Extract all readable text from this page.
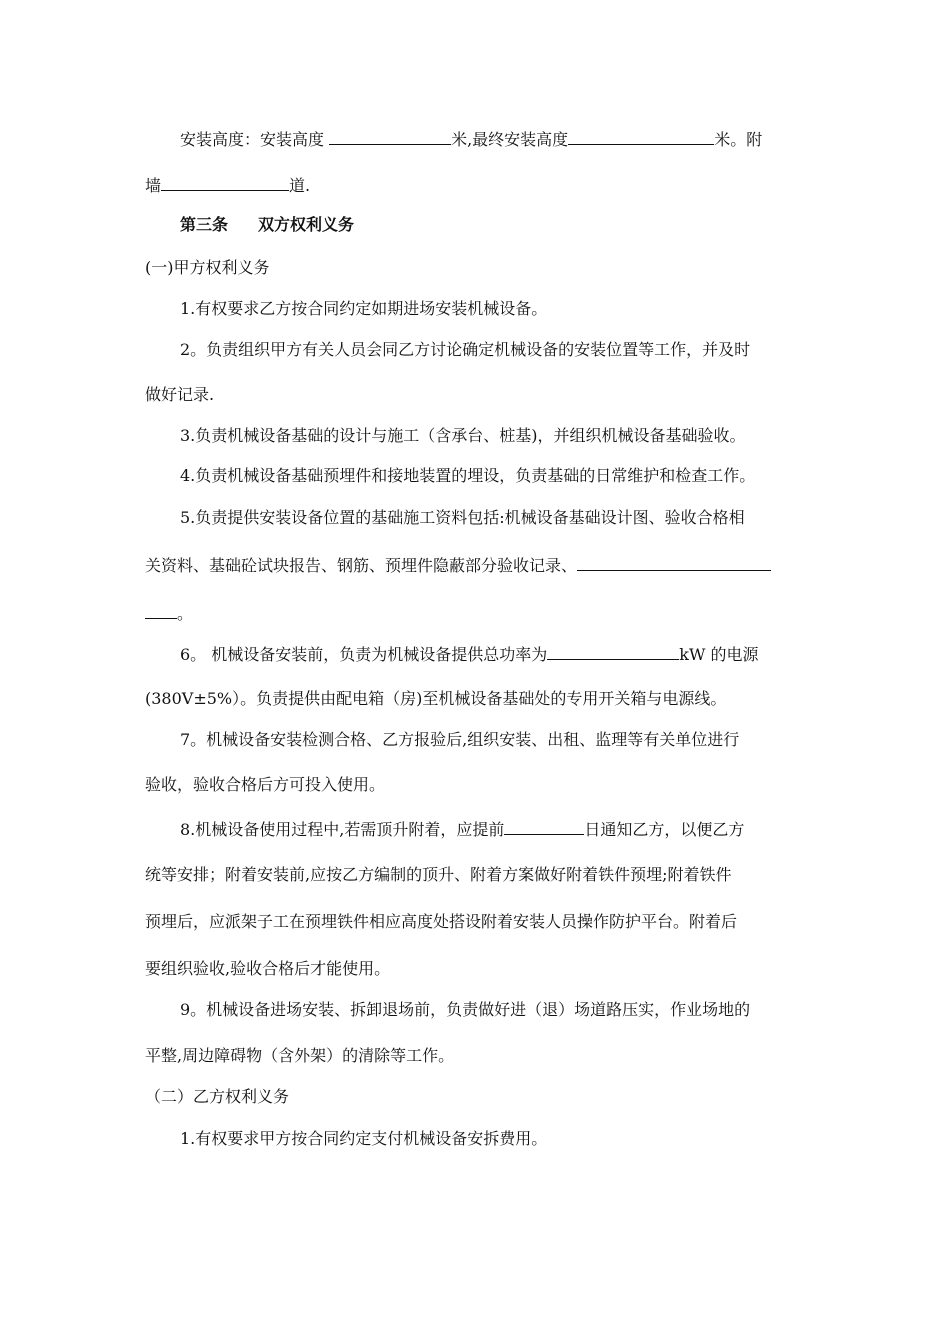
安装高度：安装高度	米,最终安装高度	米。附
墙	道.
第三条 双方权利义务
(一)甲方权利义务
1.有权要求乙方按合同约定如期进场安装机械设备。
2。负责组织甲方有关人员会同乙方讨论确定机械设备的安装位置等工作，并及时
做好记录.
3.负责机械设备基础的设计与施工（含承台、桩基)，并组织机械设备基础验收。
4.负责机械设备基础预埋件和接地装置的埋设，负责基础的日常维护和检查工作。
5.负责提供安装设备位置的基础施工资料包括:机械设备基础设计图、验收合格相
关资料、基础砼试块报告、钢筋、预埋件隐蔽部分验收记录、
。
6。 机械设备安装前，负责为机械设备提供总功率为	kW 的电源
(380V±5%）。负责提供由配电箱（房)至机械设备基础处的专用开关箱与电源线。
7。机械设备安装检测合格、乙方报验后,组织安装、出租、监理等有关单位进行
验收，验收合格后方可投入使用。
8.机械设备使用过程中,若需顶升附着，应提前	日通知乙方，以便乙方
统等安排；附着安装前,应按乙方编制的顶升、附着方案做好附着铁件预埋;附着铁件
预埋后，应派架子工在预埋铁件相应高度处搭设附着安装人员操作防护平台。附着后
要组织验收,验收合格后才能使用。
9。机械设备进场安装、拆卸退场前，负责做好进（退）场道路压实，作业场地的
平整,周边障碍物（含外架）的清除等工作。
（二）乙方权利义务
1.有权要求甲方按合同约定支付机械设备安拆费用。
